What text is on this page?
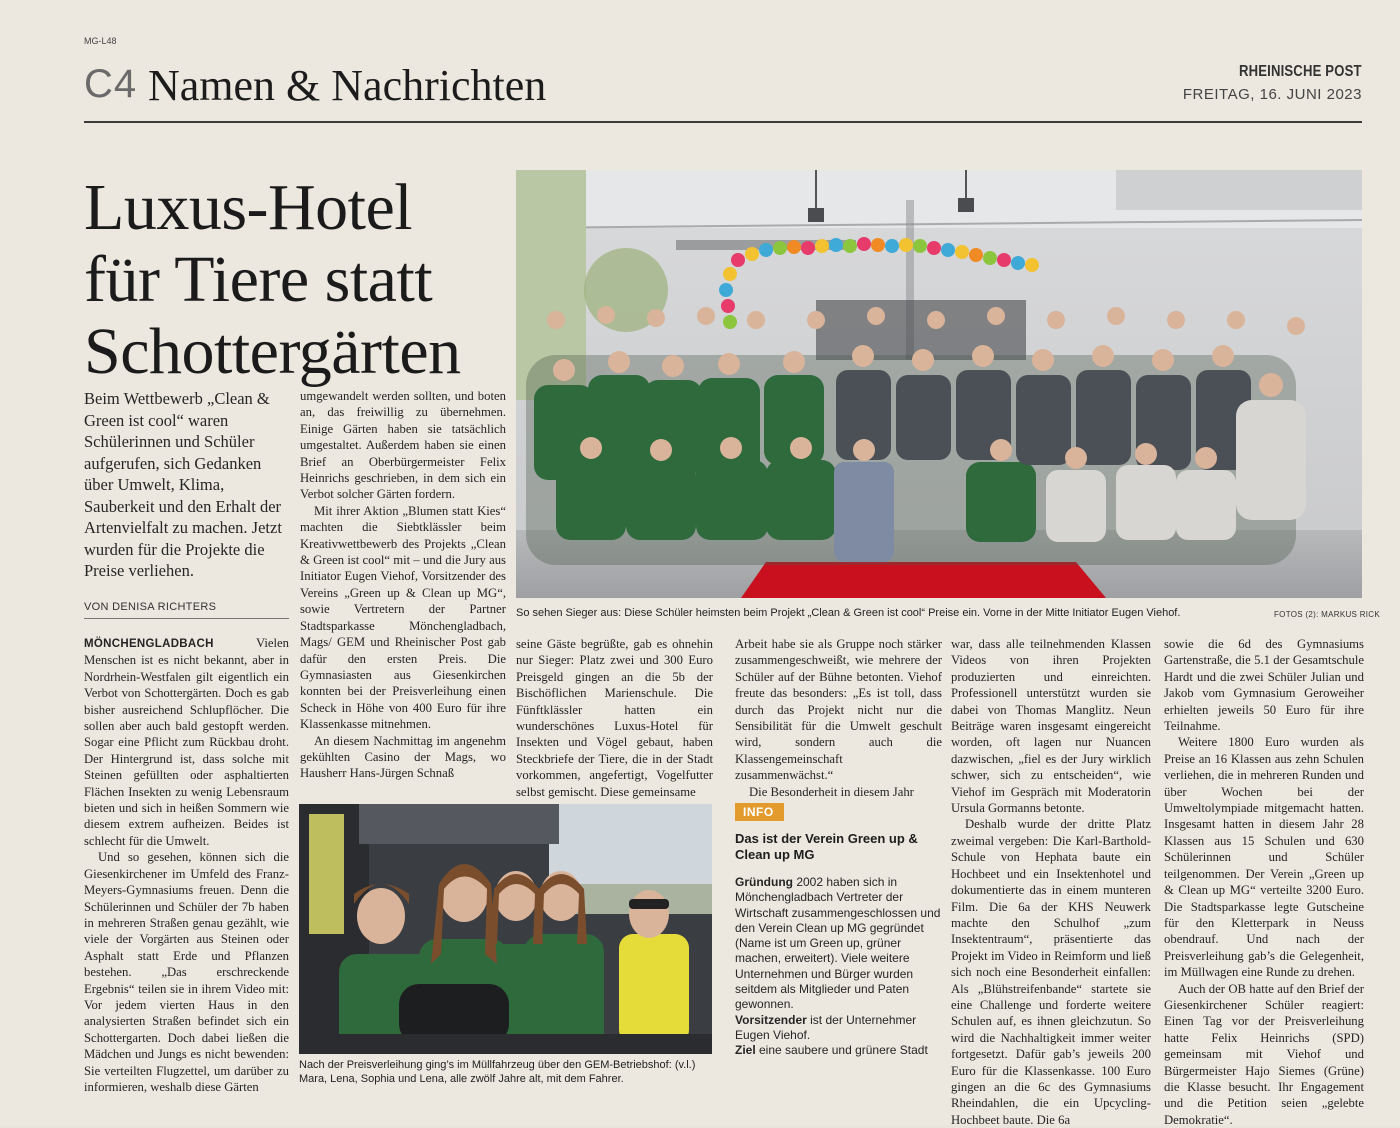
MG-L48
C4 Namen & Nachrichten	RHEINISCHE POST
FREITAG, 16. JUNI 2023
Luxus-Hotel
für Tiere statt
Schottergärten
Beim Wettbewerb „Clean & Green ist cool“ waren Schülerinnen und Schüler aufgerufen, sich Gedanken über Umwelt, Klima, Sauberkeit und den Erhalt der Artenvielfalt zu machen. Jetzt wurden für die Projekte die Preise verliehen.
VON DENISA RICHTERS	So sehen Sieger aus: Diese Schüler heimsten beim Projekt „Clean & Green ist cool“ Preise ein. Vorne in der Mitte Initiator Eugen Viehof.	FOTOS (2): MARKUS RICK
Nach der Preisverleihung ging’s im Müllfahrzeug über den GEM-Betriebshof: (v.l.) Mara, Lena, Sophia und Lena, alle zwölf Jahre alt, mit dem Fahrer.

MÖNCHENGLADBACH	Vielen Menschen ist es nicht bekannt, aber in Nordrhein-Westfalen gilt eigentlich ein Verbot von Schottergärten. Doch es gab bisher ausreichend Schlupflöcher. Die sollen aber auch bald gestopft werden. Sogar eine Pflicht zum Rückbau droht. Der Hintergrund ist, dass solche mit Steinen gefüllten oder asphaltierten Flächen Insekten zu wenig Lebensraum bieten und sich in heißen Sommern wie diesem extrem aufheizen. Beides ist schlecht für die Umwelt.

Und so gesehen, können sich die Giesenkirchener im Umfeld des Franz-Meyers-Gymnasiums freuen. Denn die Schülerinnen und Schüler der 7b haben in mehreren Straßen genau gezählt, wie viele der Vorgärten aus Steinen oder Asphalt statt Erde und Pflanzen bestehen. „Das erschreckende Ergebnis“ teilen sie in ihrem Video mit: Vor jedem vierten Haus in den analysierten Straßen befindet sich ein Schottergarten. Doch dabei ließen die Mädchen und Jungs es nicht bewenden: Sie verteilten Flugzettel, um darüber zu informieren, weshalb diese Gärten

umgewandelt werden sollten, und boten an, das freiwillig zu übernehmen. Einige Gärten haben sie tatsächlich umgestaltet. Außerdem haben sie einen Brief an Oberbürgermeister Felix Heinrichs geschrieben, in dem sich ein Verbot solcher Gärten fordern.

Mit ihrer Aktion „Blumen statt Kies“ machten die Siebtklässler beim Kreativwettbewerb des Projekts „Clean & Green ist cool“ mit – und die Jury aus Initiator Eugen Viehof, Vorsitzender des Vereins „Green up & Clean up MG“, sowie Vertretern der Partner Stadtsparkasse Mönchengladbach, Mags/ GEM und Rheinischer Post gab dafür den ersten Preis. Die Gymnasiasten aus Giesenkirchen konnten bei der Preisverleihung einen Scheck in Höhe von 400 Euro für ihre Klassenkasse mitnehmen.

An diesem Nachmittag im angenehm gekühlten Casino der Mags, wo Hausherr Hans-Jürgen Schnaß

seine Gäste begrüßte, gab es ohnehin nur Sieger: Platz zwei und 300 Euro Preisgeld gingen an die 5b der Bischöflichen Marienschule. Die Fünftklässler hatten ein wunderschönes Luxus-Hotel für Insekten und Vögel gebaut, haben Steckbriefe der Tiere, die in der Stadt vorkommen, angefertigt, Vogelfutter selbst gemischt. Diese gemeinsame

Arbeit habe sie als Gruppe noch stärker zusammengeschweißt, wie mehrere der Schüler auf der Bühne betonten. Viehof freute das besonders: „Es ist toll, dass durch das Projekt nicht nur die Sensibilität für die Umwelt geschult wird, sondern auch die Klassengemeinschaft zusammenwächst.“

Die Besonderheit in diesem Jahr

INFO
Das ist der Verein Green up & Clean up MG
Gründung 2002 haben sich in Mönchengladbach Vertreter der Wirtschaft zusammengeschlossen und den Verein Clean up MG gegründet (Name ist um Green up, grüner machen, erweitert). Viele weitere Unternehmen und Bürger wurden seitdem als Mitglieder und Paten gewonnen.
Vorsitzender ist der Unternehmer Eugen Viehof.
Ziel eine saubere und grünere Stadt

war, dass alle teilnehmenden Klassen Videos von ihren Projekten produzierten und einreichten. Professionell unterstützt wurden sie dabei von Thomas Manglitz. Neun Beiträge waren insgesamt eingereicht worden, oft lagen nur Nuancen dazwischen, „fiel es der Jury wirklich schwer, sich zu entscheiden“, wie Viehof im Gespräch mit Moderatorin Ursula Gormanns betonte.

Deshalb wurde der dritte Platz zweimal vergeben: Die Karl-Barthold-Schule von Hephata baute ein Hochbeet und ein Insektenhotel und dokumentierte das in einem munteren Film. Die 6a der KHS Neuwerk machte den Schulhof „zum Insektentraum“, präsentierte das Projekt im Video in Reimform und ließ sich noch eine Besonderheit einfallen: Als „Blühstreifenbande“ startete sie eine Challenge und forderte weitere Schulen auf, es ihnen gleichzutun. So wird die Nachhaltigkeit immer weiter fortgesetzt. Dafür gab’s jeweils 200 Euro für die Klassenkasse. 100 Euro gingen an die 6c des Gymnasiums Rheindahlen, die ein Upcycling-Hochbeet baute. Die 6a

sowie die 6d des Gymnasiums Gartenstraße, die 5.1 der Gesamtschule Hardt und die zwei Schüler Julian und Jakob vom Gymnasium Geroweiher erhielten jeweils 50 Euro für ihre Teilnahme.

Weitere 1800 Euro wurden als Preise an 16 Klassen aus zehn Schulen verliehen, die in mehreren Runden und über Wochen bei der Umweltolympiade mitgemacht hatten. Insgesamt hatten in diesem Jahr 28 Klassen aus 15 Schulen und 630 Schülerinnen und Schüler teilgenommen. Der Verein „Green up & Clean up MG“ verteilte 3200 Euro. Die Stadtsparkasse legte Gutscheine für den Kletterpark in Neuss obendrauf. Und nach der Preisverleihung gab’s die Gelegenheit, im Müllwagen eine Runde zu drehen.

Auch der OB hatte auf den Brief der Giesenkirchener Schüler reagiert: Einen Tag vor der Preisverleihung hatte Felix Heinrichs (SPD) gemeinsam mit Viehof und Bürgermeister Hajo Siemes (Grüne) die Klasse besucht. Ihr Engagement und die Petition seien „gelebte Demokratie“.
